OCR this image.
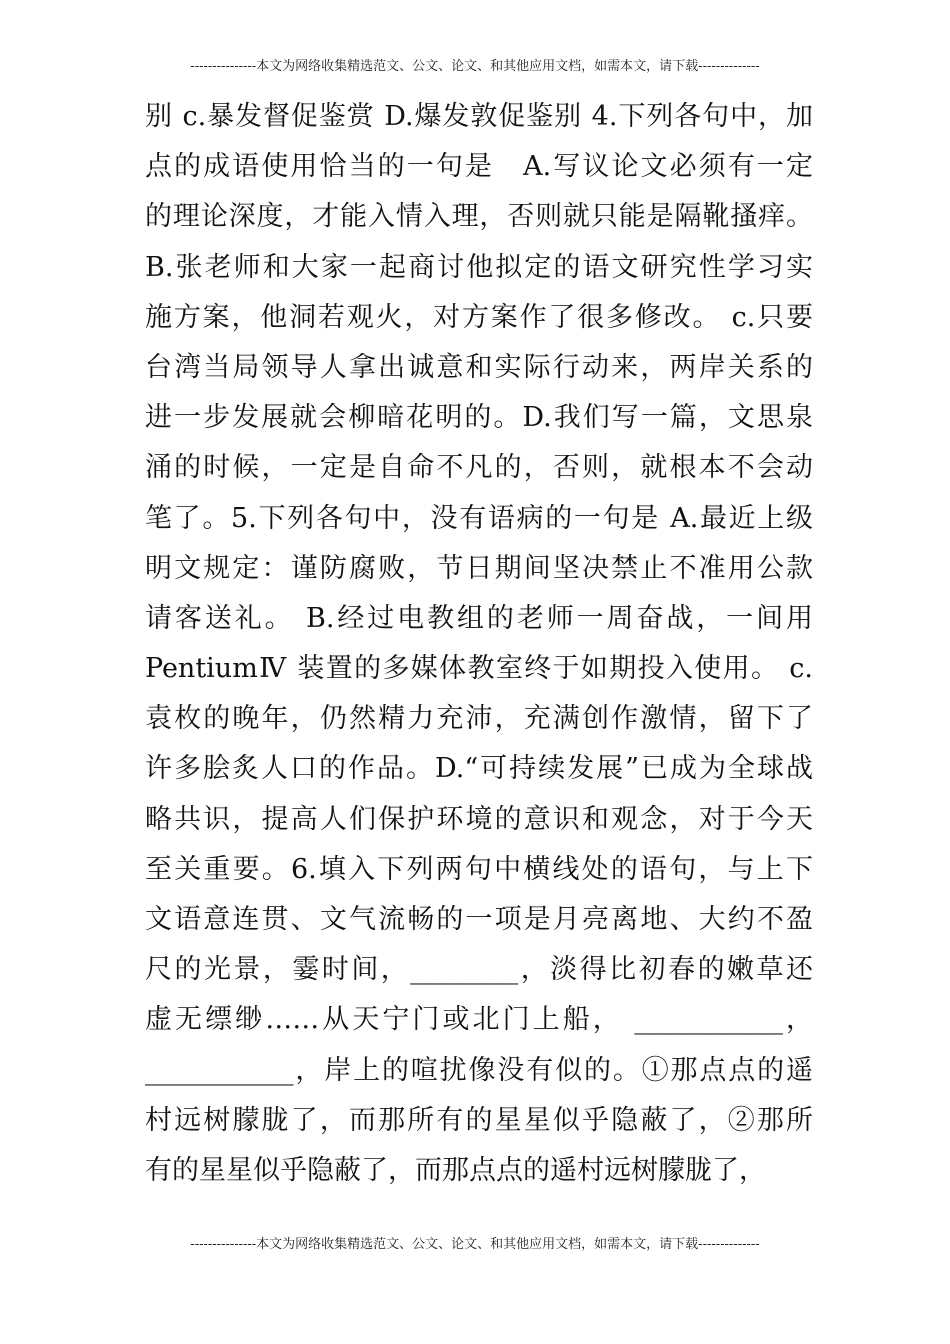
---------------本文为网络收集精选范文、公文、论文、和其他应用文档，如需本文，请下载--------------
别 c.暴发督促鉴赏 D.爆发敦促鉴别 4.下列各句中，加
点的成语使用恰当的一句是　A.写议论文必须有一定
的理论深度，才能入情入理，否则就只能是隔靴搔痒。
B.张老师和大家一起商讨他拟定的语文研究性学习实
施方案，他洞若观火，对方案作了很多修改。 c.只要
台湾当局领导人拿出诚意和实际行动来，两岸关系的
进一步发展就会柳暗花明的。D.我们写一篇，文思泉
涌的时候，一定是自命不凡的，否则，就根本不会动
笔了。5.下列各句中，没有语病的一句是 A.最近上级
明文规定：谨防腐败，节日期间坚决禁止不准用公款
请客送礼。 B.经过电教组的老师一周奋战，一间用
PentiumⅣ 装置的多媒体教室终于如期投入使用。 c.
袁枚的晚年，仍然精力充沛，充满创作激情，留下了
许多脍炙人口的作品。D.“可持续发展”已成为全球战
略共识，提高人们保护环境的意识和观念，对于今天
至关重要。6.填入下列两句中横线处的语句，与上下
文语意连贯、文气流畅的一项是月亮离地、大约不盈
尺的光景，霎时间，________，淡得比初春的嫩草还
虚无缥缈……从天宁门或北门上船， ___________，
___________，岸上的喧扰像没有似的。①那点点的遥
村远树朦胧了，而那所有的星星似乎隐蔽了，②那所
有的星星似乎隐蔽了，而那点点的遥村远树朦胧了，
---------------本文为网络收集精选范文、公文、论文、和其他应用文档，如需本文，请下载--------------
